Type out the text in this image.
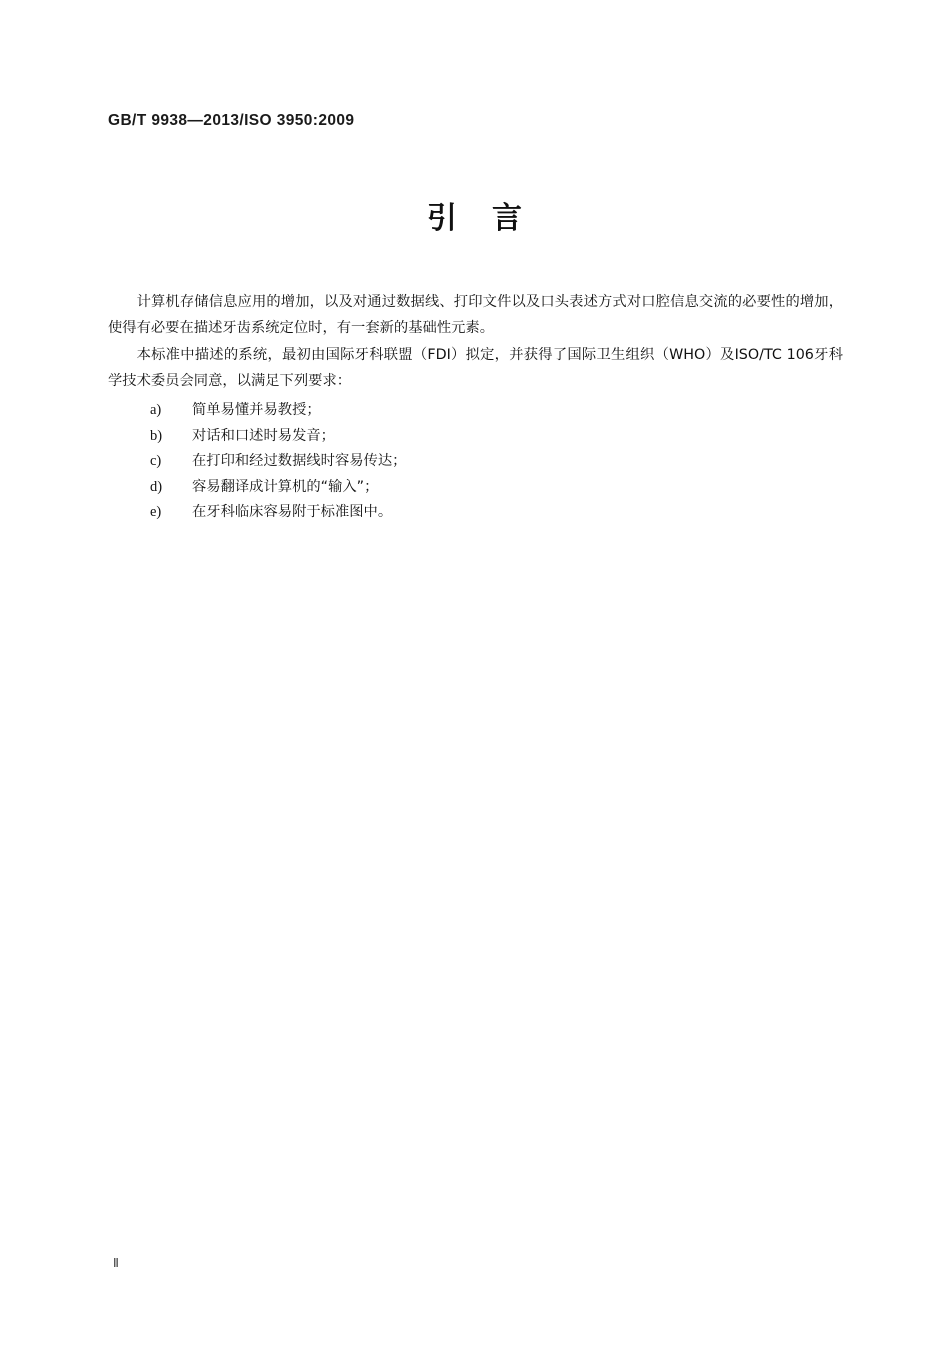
GB/T 9938—2013/ISO 3950:2009
引 言

计算机存储信息应用的增加，以及对通过数据线、打印文件以及口头表述方式对口腔信息交流的必要性的增加，使得有必要在描述牙齿系统定位时，有一套新的基础性元素。

本标准中描述的系统，最初由国际牙科联盟（FDI）拟定，并获得了国际卫生组织（WHO）及ISO/TC 106牙科学技术委员会同意，以满足下列要求：

a)	简单易懂并易教授；
b)	对话和口述时易发音；
c)	在打印和经过数据线时容易传达；
d)	容易翻译成计算机的“输入”；
e)	在牙科临床容易附于标准图中。
Ⅱ
